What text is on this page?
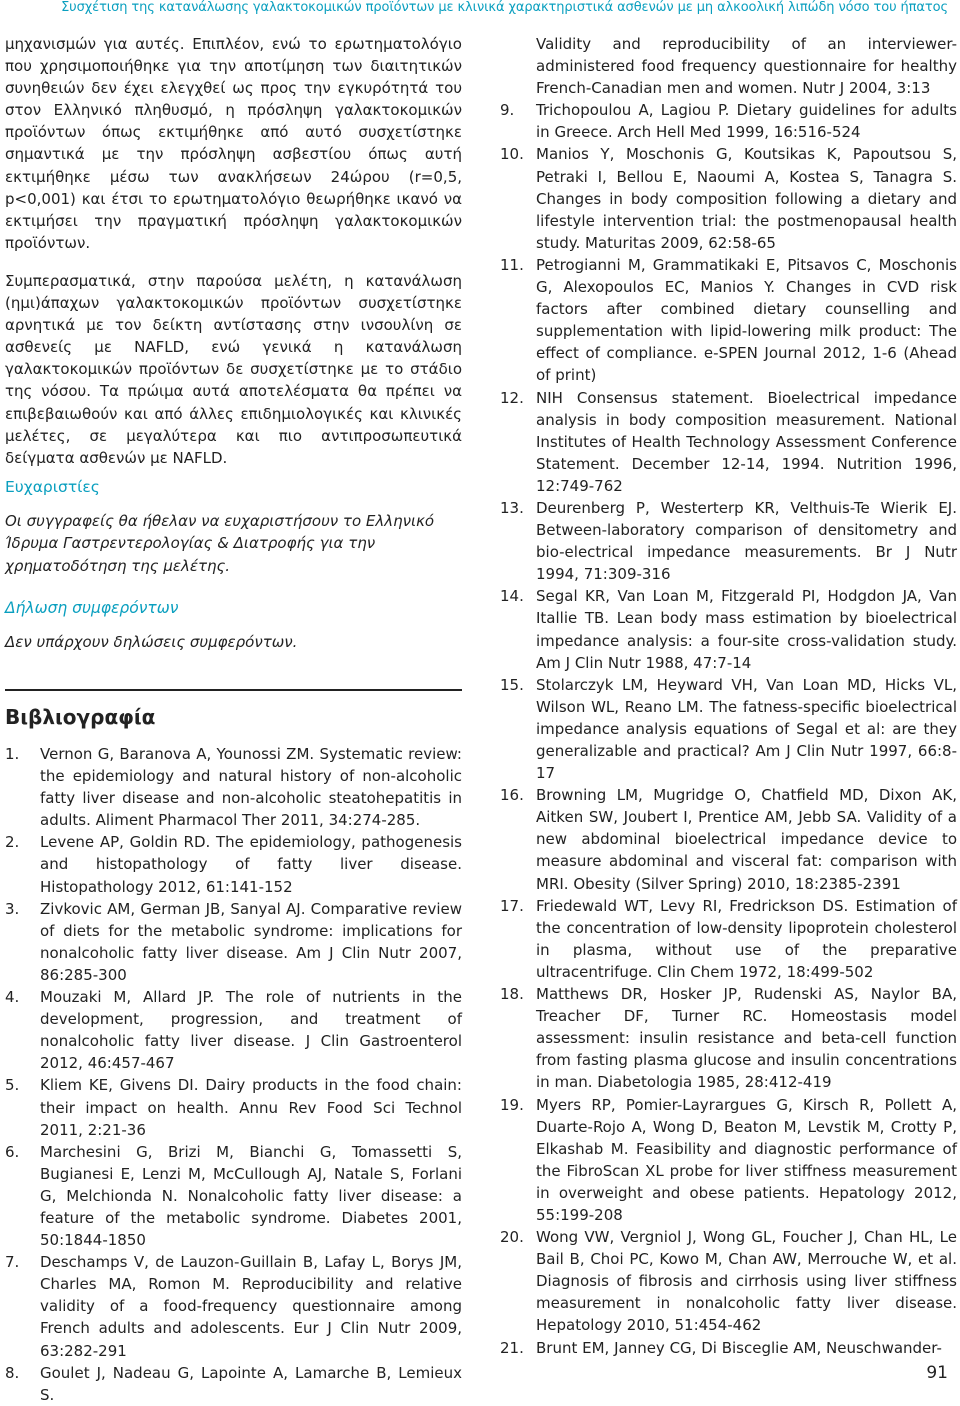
Συσχέτιση της κατανάλωσης γαλακτοκομικών προϊόντων με κλινικά χαρακτηριστικά ασθενών με μη αλκοολική λιπώδη νόσο του ήπατος

μηχανισμών για αυτές. Επιπλέον, ενώ το ερωτηματολόγιο που χρησιμοποιήθηκε για την αποτίμηση των διαιτητικών συνηθειών δεν έχει ελεγχθεί ως προς την εγκυρότητά του στον Ελληνικό πληθυσμό, η πρόσληψη γαλακτοκομικών προϊόντων όπως εκτιμήθηκε από αυτό συσχετίστηκε σημαντικά με την πρόσληψη ασβεστίου όπως αυτή εκτιμήθηκε μέσω των ανακλήσεων 24ώρου (r=0,5, p<0,001) και έτσι το ερωτηματολόγιο θεωρήθηκε ικανό να εκτιμήσει την πραγματική πρόσληψη γαλακτοκομικών προϊόντων.

Συμπερασματικά, στην παρούσα μελέτη, η κατανάλωση (ημι)άπαχων γαλακτοκομικών προϊόντων συσχετίστηκε αρνητικά με τον δείκτη αντίστασης στην ινσουλίνη σε ασθενείς με NAFLD, ενώ γενικά η κατανάλωση γαλακτοκομικών προϊόντων δε συσχετίστηκε με το στάδιο της νόσου. Τα πρώιμα αυτά αποτελέσματα θα πρέπει να επιβεβαιωθούν και από άλλες επιδημιολογικές και κλινικές μελέτες, σε μεγαλύτερα και πιο αντιπροσωπευτικά δείγματα ασθενών με NAFLD.

Ευχαριστίες
Οι συγγραφείς θα ήθελαν να ευχαριστήσουν το Ελληνικό Ίδρυμα Γαστρεντερολογίας & Διατροφής για την χρηματοδότηση της μελέτης.
Δήλωση συμφερόντων
Δεν υπάρχουν δηλώσεις συμφερόντων.
Βιβλιογραφία
1. Vernon G, Baranova A, Younossi ZM. Systematic review: the epidemiology and natural history of non-alcoholic fatty liver disease and non-alcoholic steatohepatitis in adults. Aliment Pharmacol Ther 2011, 34:274-285.
2. Levene AP, Goldin RD. The epidemiology, pathogenesis and histopathology of fatty liver disease. Histopathology 2012, 61:141-152
3. Zivkovic AM, German JB, Sanyal AJ. Comparative review of diets for the metabolic syndrome: implications for nonalcoholic fatty liver disease. Am J Clin Nutr 2007, 86:285-300
4. Mouzaki M, Allard JP. The role of nutrients in the development, progression, and treatment of nonalcoholic fatty liver disease. J Clin Gastroenterol 2012, 46:457-467
5. Kliem KE, Givens DI. Dairy products in the food chain: their impact on health. Annu Rev Food Sci Technol 2011, 2:21-36
6. Marchesini G, Brizi M, Bianchi G, Tomassetti S, Bugianesi E, Lenzi M, McCullough AJ, Natale S, Forlani G, Melchionda N. Nonalcoholic fatty liver disease: a feature of the metabolic syndrome. Diabetes 2001, 50:1844-1850
7. Deschamps V, de Lauzon-Guillain B, Lafay L, Borys JM, Charles MA, Romon M. Reproducibility and relative validity of a food-frequency questionnaire among French adults and adolescents. Eur J Clin Nutr 2009, 63:282-291
8. Goulet J, Nadeau G, Lapointe A, Lamarche B, Lemieux S.
Validity and reproducibility of an interviewer-administered food frequency questionnaire for healthy French-Canadian men and women. Nutr J 2004, 3:13
9. Trichopoulou A, Lagiou P. Dietary guidelines for adults in Greece. Arch Hell Med 1999, 16:516-524
10. Manios Y, Moschonis G, Koutsikas K, Papoutsou S, Petraki I, Bellou E, Naoumi A, Kostea S, Tanagra S. Changes in body composition following a dietary and lifestyle intervention trial: the postmenopausal health study. Maturitas 2009, 62:58-65
11. Petrogianni M, Grammatikaki E, Pitsavos C, Moschonis G, Alexopoulos EC, Manios Y. Changes in CVD risk factors after combined dietary counselling and supplementation with lipid-lowering milk product: The effect of compliance. e-SPEN Journal 2012, 1-6 (Ahead of print)
12. NIH Consensus statement. Bioelectrical impedance analysis in body composition measurement. National Institutes of Health Technology Assessment Conference Statement. December 12-14, 1994. Nutrition 1996, 12:749-762
13. Deurenberg P, Westerterp KR, Velthuis-Te Wierik EJ. Between-laboratory comparison of densitometry and bio-electrical impedance measurements. Br J Nutr 1994, 71:309-316
14. Segal KR, Van Loan M, Fitzgerald PI, Hodgdon JA, Van Itallie TB. Lean body mass estimation by bioelectrical impedance analysis: a four-site cross-validation study. Am J Clin Nutr 1988, 47:7-14
15. Stolarczyk LM, Heyward VH, Van Loan MD, Hicks VL, Wilson WL, Reano LM. The fatness-specific bioelectrical impedance analysis equations of Segal et al: are they generalizable and practical? Am J Clin Nutr 1997, 66:8-17
16. Browning LM, Mugridge O, Chatfield MD, Dixon AK, Aitken SW, Joubert I, Prentice AM, Jebb SA. Validity of a new abdominal bioelectrical impedance device to measure abdominal and visceral fat: comparison with MRI. Obesity (Silver Spring) 2010, 18:2385-2391
17. Friedewald WT, Levy RI, Fredrickson DS. Estimation of the concentration of low-density lipoprotein cholesterol in plasma, without use of the preparative ultracentrifuge. Clin Chem 1972, 18:499-502
18. Matthews DR, Hosker JP, Rudenski AS, Naylor BA, Treacher DF, Turner RC. Homeostasis model assessment: insulin resistance and beta-cell function from fasting plasma glucose and insulin concentrations in man. Diabetologia 1985, 28:412-419
19. Myers RP, Pomier-Layrargues G, Kirsch R, Pollett A, Duarte-Rojo A, Wong D, Beaton M, Levstik M, Crotty P, Elkashab M. Feasibility and diagnostic performance of the FibroScan XL probe for liver stiffness measurement in overweight and obese patients. Hepatology 2012, 55:199-208
20. Wong VW, Vergniol J, Wong GL, Foucher J, Chan HL, Le Bail B, Choi PC, Kowo M, Chan AW, Merrouche W, et al. Diagnosis of fibrosis and cirrhosis using liver stiffness measurement in nonalcoholic fatty liver disease. Hepatology 2010, 51:454-462
21. Brunt EM, Janney CG, Di Bisceglie AM, Neuschwander-
91
